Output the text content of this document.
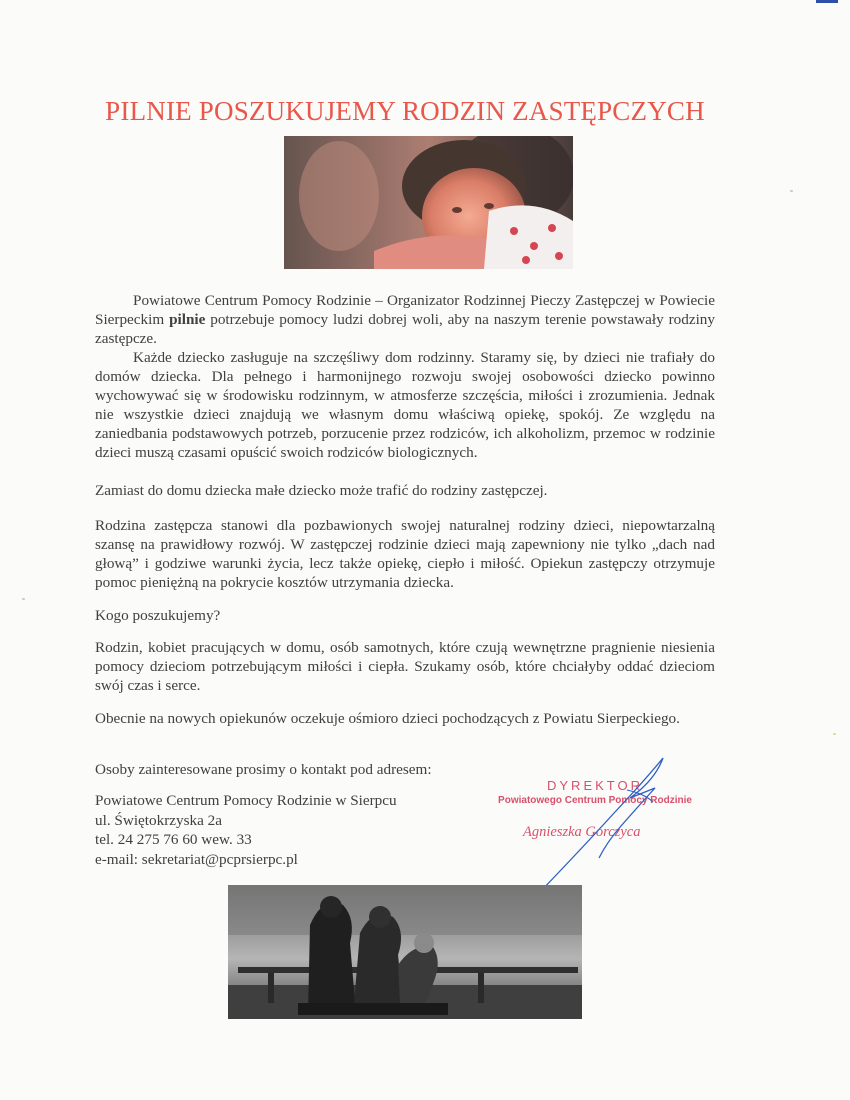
PILNIE POSZUKUJEMY RODZIN ZASTĘPCZYCH

Powiatowe Centrum Pomocy Rodzinie – Organizator Rodzinnej Pieczy Zastępczej w Powiecie Sierpeckim pilnie potrzebuje pomocy ludzi dobrej woli, aby na naszym terenie powstawały rodziny zastępcze.

Każde dziecko zasługuje na szczęśliwy dom rodzinny. Staramy się, by dzieci nie trafiały do domów dziecka. Dla pełnego i harmonijnego rozwoju swojej osobowości dziecko powinno wychowywać się w środowisku rodzinnym, w atmosferze szczęścia, miłości i zrozumienia. Jednak nie wszystkie dzieci znajdują we własnym domu właściwą opiekę, spokój. Ze względu na zaniedbania podstawowych potrzeb, porzucenie przez rodziców, ich alkoholizm, przemoc w rodzinie dzieci muszą czasami opuścić swoich rodziców biologicznych.

Zamiast do domu dziecka małe dziecko może trafić do rodziny zastępczej.

Rodzina zastępcza stanowi dla pozbawionych swojej naturalnej rodziny dzieci, niepowtarzalną szansę na prawidłowy rozwój. W zastępczej rodzinie dzieci mają zapewniony nie tylko „dach nad głową” i godziwe warunki życia, lecz także opiekę, ciepło i miłość. Opiekun zastępczy otrzymuje pomoc pieniężną na pokrycie kosztów utrzymania dziecka.

Kogo poszukujemy?

Rodzin, kobiet pracujących w domu, osób samotnych, które czują wewnętrzne pragnienie niesienia pomocy dzieciom potrzebującym miłości i ciepła. Szukamy osób, które chciałyby oddać dzieciom swój czas i serce.

Obecnie na nowych opiekunów oczekuje ośmioro dzieci pochodzących z Powiatu Sierpeckiego.

Osoby zainteresowane prosimy o kontakt pod adresem:

Powiatowe Centrum Pomocy Rodzinie w Sierpcu
ul. Świętokrzyska 2a
tel. 24 275 76 60 wew. 33
e-mail: sekretariat@pcprsierpc.pl
DYREKTOR
Powiatowego Centrum Pomocy Rodzinie
Agnieszka Gorczyca
